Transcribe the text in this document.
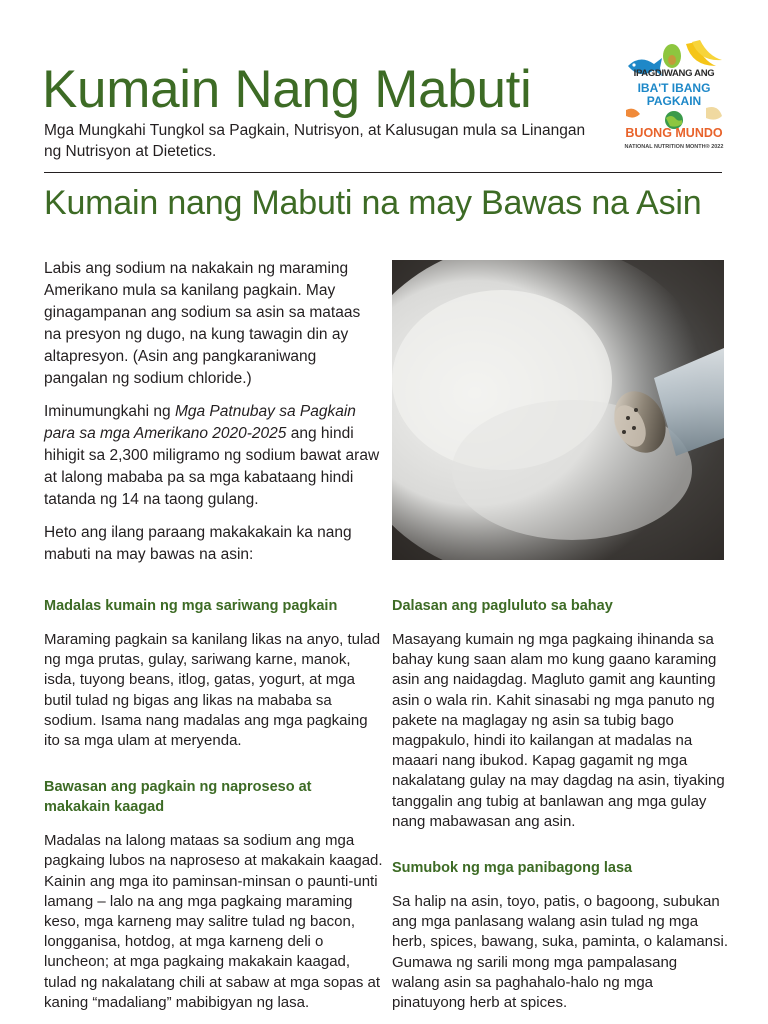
Kumain Nang Mabuti

Mga Mungkahi Tungkol sa Pagkain, Nutrisyon, at Kalusugan mula sa Linangan ng Nutrisyon at Dietetics.

IPAGDIWANG ANG
IBA'T IBANG
PAGKAIN
BUONG MUNDO
NATIONAL NUTRITION MONTH® 2022
Kumain nang Mabuti na may Bawas na Asin

Labis ang sodium na nakakain ng maraming Amerikano mula sa kanilang pagkain. May ginagampanan ang sodium sa asin sa mataas na presyon ng dugo, na kung tawagin din ay altapresyon. (Asin ang pangkaraniwang pangalan ng sodium chloride.)

Iminumungkahi ng Mga Patnubay sa Pagkain para sa mga Amerikano 2020-2025 ang hindi hihigit sa 2,300 miligramo ng sodium bawat araw at lalong mababa pa sa mga kabataang hindi tatanda ng 14 na taong gulang.

Heto ang ilang paraang makakakain ka nang mabuti na may bawas na asin:

Madalas kumain ng mga sariwang pagkain

Maraming pagkain sa kanilang likas na anyo, tulad ng mga prutas, gulay, sariwang karne, manok, isda, tuyong beans, itlog, gatas, yogurt, at mga butil tulad ng bigas ang likas na mababa sa sodium. Isama nang madalas ang mga pagkaing ito sa mga ulam at meryenda.

Bawasan ang pagkain ng naproseso at makakain kaagad

Madalas na lalong mataas sa sodium ang mga pagkaing lubos na naproseso at makakain kaagad. Kainin ang mga ito paminsan-minsan o paunti-unti lamang – lalo na ang mga pagkaing maraming keso, mga karneng may salitre tulad ng bacon, longganisa, hotdog, at mga karneng deli o luncheon; at mga pagkaing makakain kaagad, tulad ng nakalatang chili at sabaw at mga sopas at kaning “madaliang” mabibigyan ng lasa.

Dalasan ang pagluluto sa bahay

Masayang kumain ng mga pagkaing ihinanda sa bahay kung saan alam mo kung gaano karaming asin ang naidagdag. Magluto gamit ang kaunting asin o wala rin. Kahit sinasabi ng mga panuto ng pakete na maglagay ng asin sa tubig bago magpakulo, hindi ito kailangan at madalas na maaari nang ibukod. Kapag gagamit ng mga nakalatang gulay na may dagdag na asin, tiyaking tanggalin ang tubig at banlawan ang mga gulay nang mabawasan ang asin.

Sumubok ng mga panibagong lasa

Sa halip na asin, toyo, patis, o bagoong, subukan ang mga panlasang walang asin tulad ng mga herb, spices, bawang, suka, paminta, o kalamansi. Gumawa ng sarili mong mga pampalasang walang asin sa paghahalo-halo ng mga pinatuyong herb at spices.
